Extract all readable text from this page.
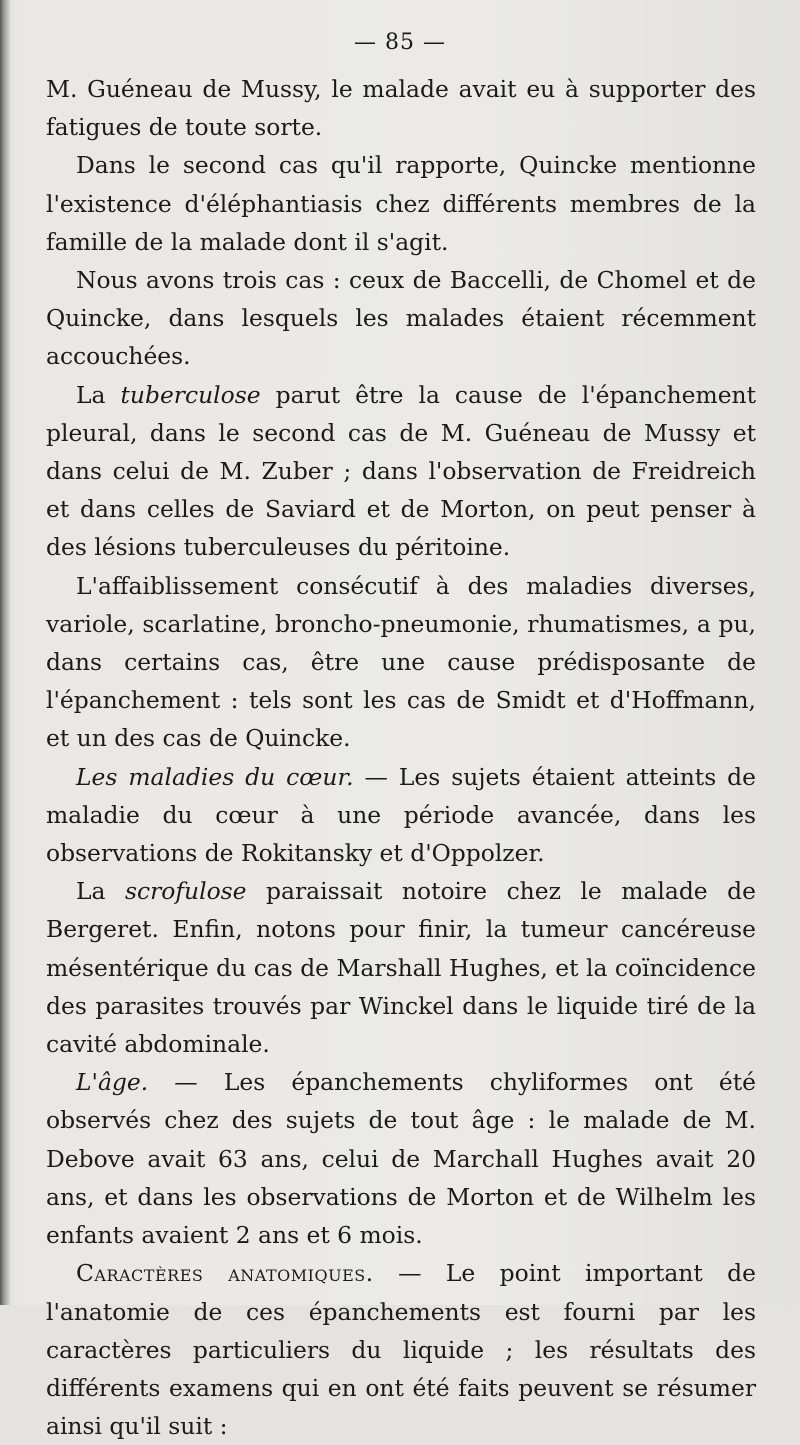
— 85 —

M. Guéneau de Mussy, le malade avait eu à supporter des fatigues de toute sorte.

Dans le second cas qu'il rapporte, Quincke mentionne l'existence d'éléphantiasis chez différents membres de la famille de la malade dont il s'agit.

Nous avons trois cas : ceux de Baccelli, de Chomel et de Quincke, dans lesquels les malades étaient récemment accouchées.

La tuberculose parut être la cause de l'épanchement pleural, dans le second cas de M. Guéneau de Mussy et dans celui de M. Zuber ; dans l'observation de Freidreich et dans celles de Saviard et de Morton, on peut penser à des lésions tuberculeuses du péritoine.

L'affaiblissement consécutif à des maladies diverses, variole, scarlatine, broncho-pneumonie, rhumatismes, a pu, dans certains cas, être une cause prédisposante de l'épanchement : tels sont les cas de Smidt et d'Hoffmann, et un des cas de Quincke.

Les maladies du cœur. — Les sujets étaient atteints de maladie du cœur à une période avancée, dans les observations de Rokitansky et d'Oppolzer.

La scrofulose paraissait notoire chez le malade de Bergeret. Enfin, notons pour finir, la tumeur cancéreuse mésentérique du cas de Marshall Hughes, et la coïncidence des parasites trouvés par Winckel dans le liquide tiré de la cavité abdominale.

L'âge. — Les épanchements chyliformes ont été observés chez des sujets de tout âge : le malade de M. Debove avait 63 ans, celui de Marchall Hughes avait 20 ans, et dans les observations de Morton et de Wilhelm les enfants avaient 2 ans et 6 mois.

Caractères anatomiques. — Le point important de l'anatomie de ces épanchements est fourni par les caractères particuliers du liquide ; les résultats des différents examens qui en ont été faits peuvent se résumer ainsi qu'il suit :
